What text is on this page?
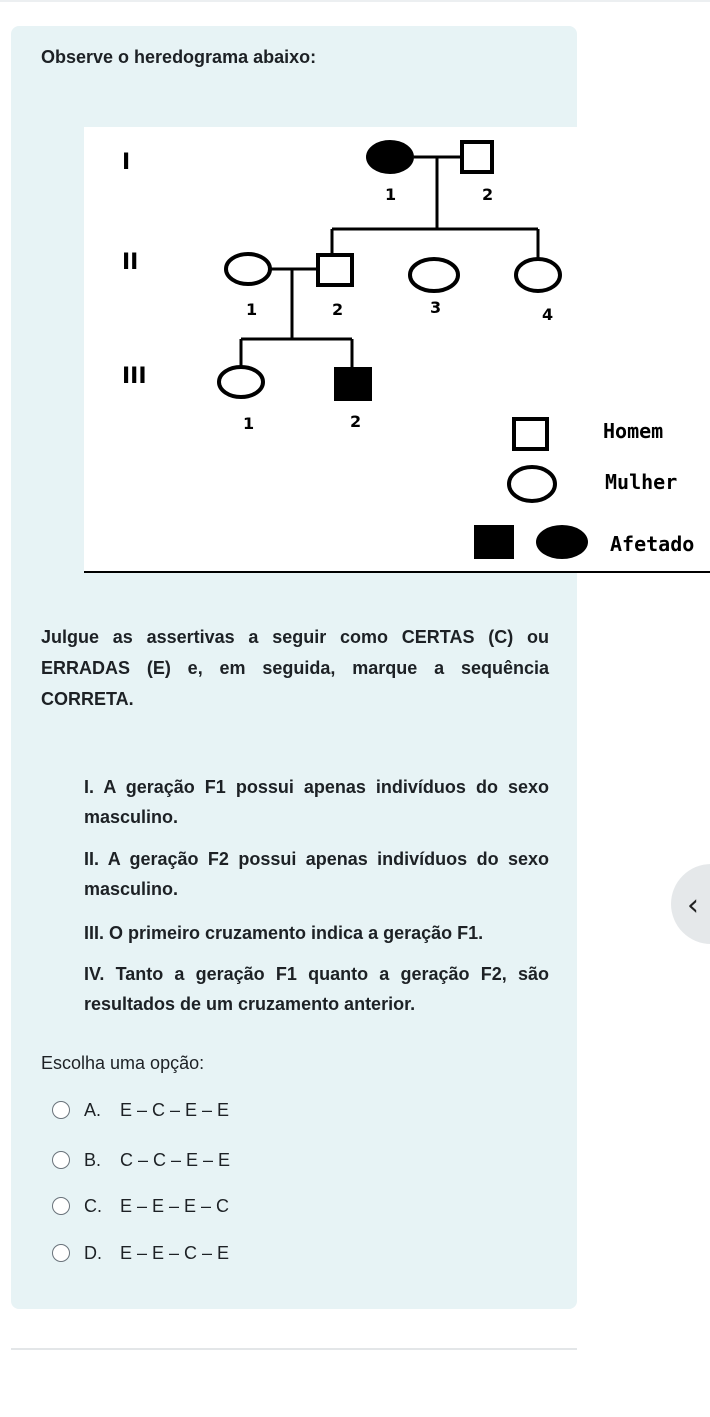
Observe o heredograma abaixo:

I
II
III
1	2
1	2	3	4
1	2	Homem
Mulher
Afetado

Julgue as assertivas a seguir como CERTAS (C) ou ERRADAS (E) e, em seguida, marque a sequência CORRETA.

I. A geração F1 possui apenas indivíduos do sexo masculino.

II. A geração F2 possui apenas indivíduos do sexo masculino.

III. O primeiro cruzamento indica a geração F1.

IV. Tanto a geração F1 quanto a geração F2, são resultados de um cruzamento anterior.

Escolha uma opção:

A.	E – C – E – E
B.	C – C – E – E
C.	E – E – E – C
D.	E – E – C – E
‹
